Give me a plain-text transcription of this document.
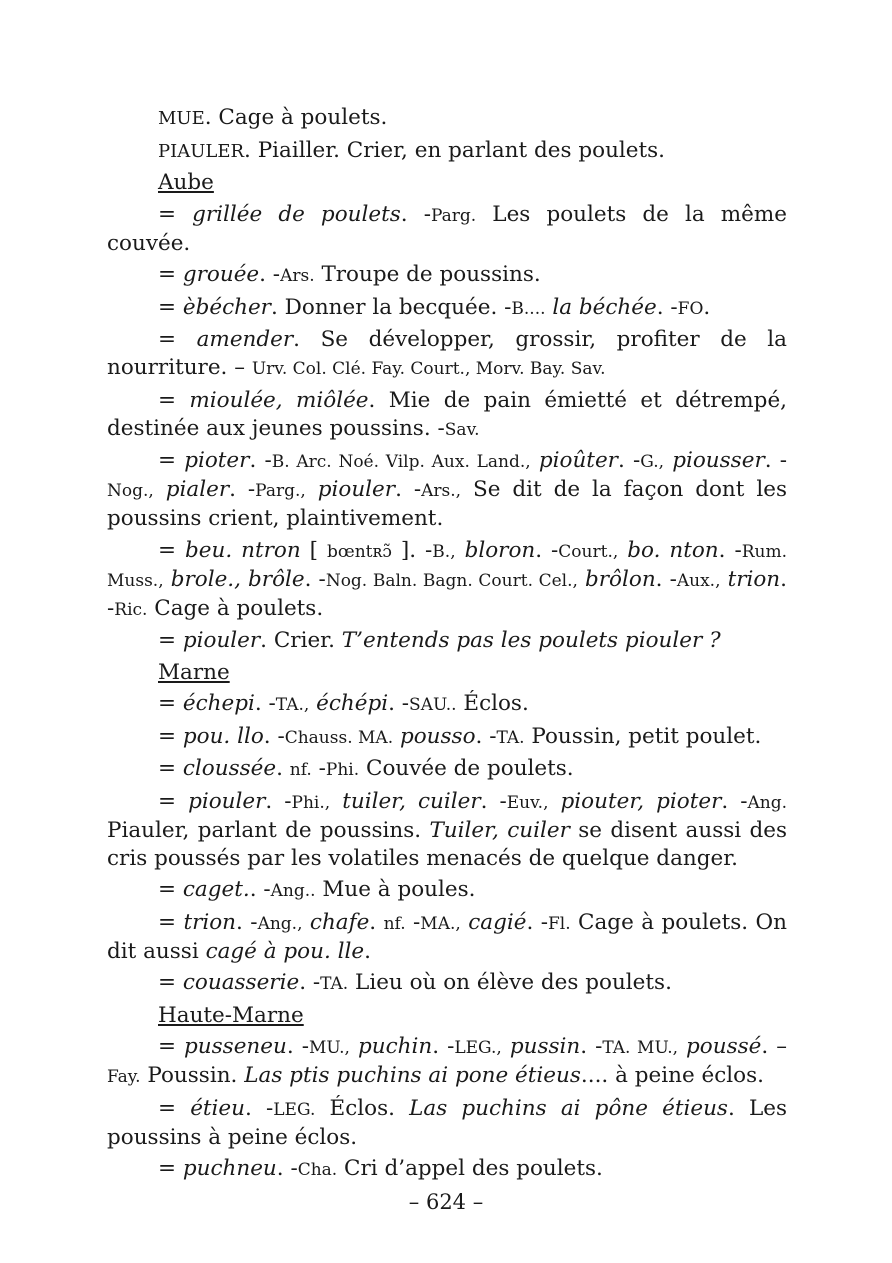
MUE. Cage à poulets.

PIAULER. Piailler. Crier, en parlant des poulets.

Aube

= grillée de poulets. -Parg. Les poulets de la même couvée.

= grouée. -Ars. Troupe de poussins.

= èbécher. Donner la becquée. -B.... la béchée. -FO.

= amender. Se développer, grossir, profiter de la nourriture. – Urv. Col. Clé. Fay. Court., Morv. Bay. Sav.

= mioulée, miôlée. Mie de pain émietté et détrempé, destinée aux jeunes poussins. -Sav.

= pioter. -B. Arc. Noé. Vilp. Aux. Land., pioûter. -G., piousser. -Nog., pialer. -Parg., piouler. -Ars., Se dit de la façon dont les poussins crient, plaintivement.

= beu. ntron [ bœntʀɔ̃ ]. -B., bloron. -Court., bo. nton. -Rum. Muss., brole., brôle. -Nog. Baln. Bagn. Court. Cel., brôlon. -Aux., trion. -Ric. Cage à poulets.

= piouler. Crier. T’entends pas les poulets piouler ?

Marne

= échepi. -TA., échépi. -SAU.. Éclos.

= pou. llo. -Chauss. MA. pousso. -TA. Poussin, petit poulet.

= cloussée. nf. -Phi. Couvée de poulets.

= piouler. -Phi., tuiler, cuiler. -Euv., piouter, pioter. -Ang. Piauler, parlant de poussins. Tuiler, cuiler se disent aussi des cris poussés par les volatiles menacés de quelque danger.

= caget.. -Ang.. Mue à poules.

= trion. -Ang., chafe. nf. -MA., cagié. -Fl. Cage à poulets. On dit aussi cagé à pou. lle.

= couasserie. -TA. Lieu où on élève des poulets.

Haute-Marne

= pusseneu. -MU., puchin. -LEG., pussin. -TA. MU., poussé. – Fay. Poussin. Las ptis puchins ai pone étieus.... à peine éclos.

= étieu. -LEG. Éclos. Las puchins ai pône étieus. Les poussins à peine éclos.

= puchneu. -Cha. Cri d’appel des poulets.

– 624 –
